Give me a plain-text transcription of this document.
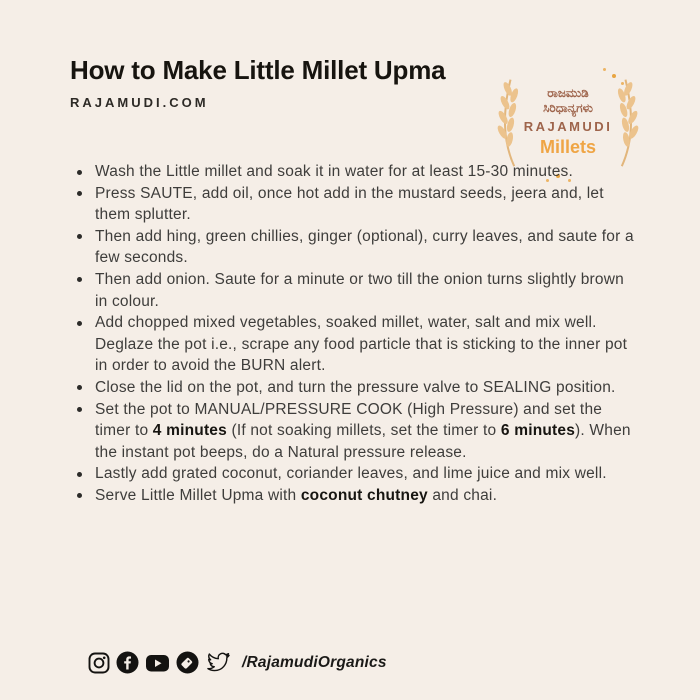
How to Make Little Millet Upma
RAJAMUDI.COM
ರಾಜಮುಡಿ
ಸಿರಿಧಾನ್ಯಗಳು
RAJAMUDI
Millets
Wash the Little millet and soak it in water for at least 15-30 minutes.
Press SAUTE, add oil, once hot add in the mustard seeds, jeera and, let them splutter.
Then add hing, green chillies, ginger (optional), curry leaves, and saute for a few seconds.
Then add onion. Saute for a minute or two till the onion turns slightly brown in colour.
Add chopped mixed vegetables, soaked millet, water, salt and mix well. Deglaze the pot i.e., scrape any food particle that is sticking to the inner pot in order to avoid the BURN alert.
Close the lid on the pot, and turn the pressure valve to SEALING position.
Set the pot to MANUAL/PRESSURE COOK (High Pressure) and set the timer to 4 minutes (If not soaking millets, set the timer to 6 minutes). When the instant pot beeps, do a Natural pressure release.
Lastly add grated coconut, coriander leaves, and lime juice and mix well.
Serve Little Millet Upma with coconut chutney and chai.
/RajamudiOrganics
